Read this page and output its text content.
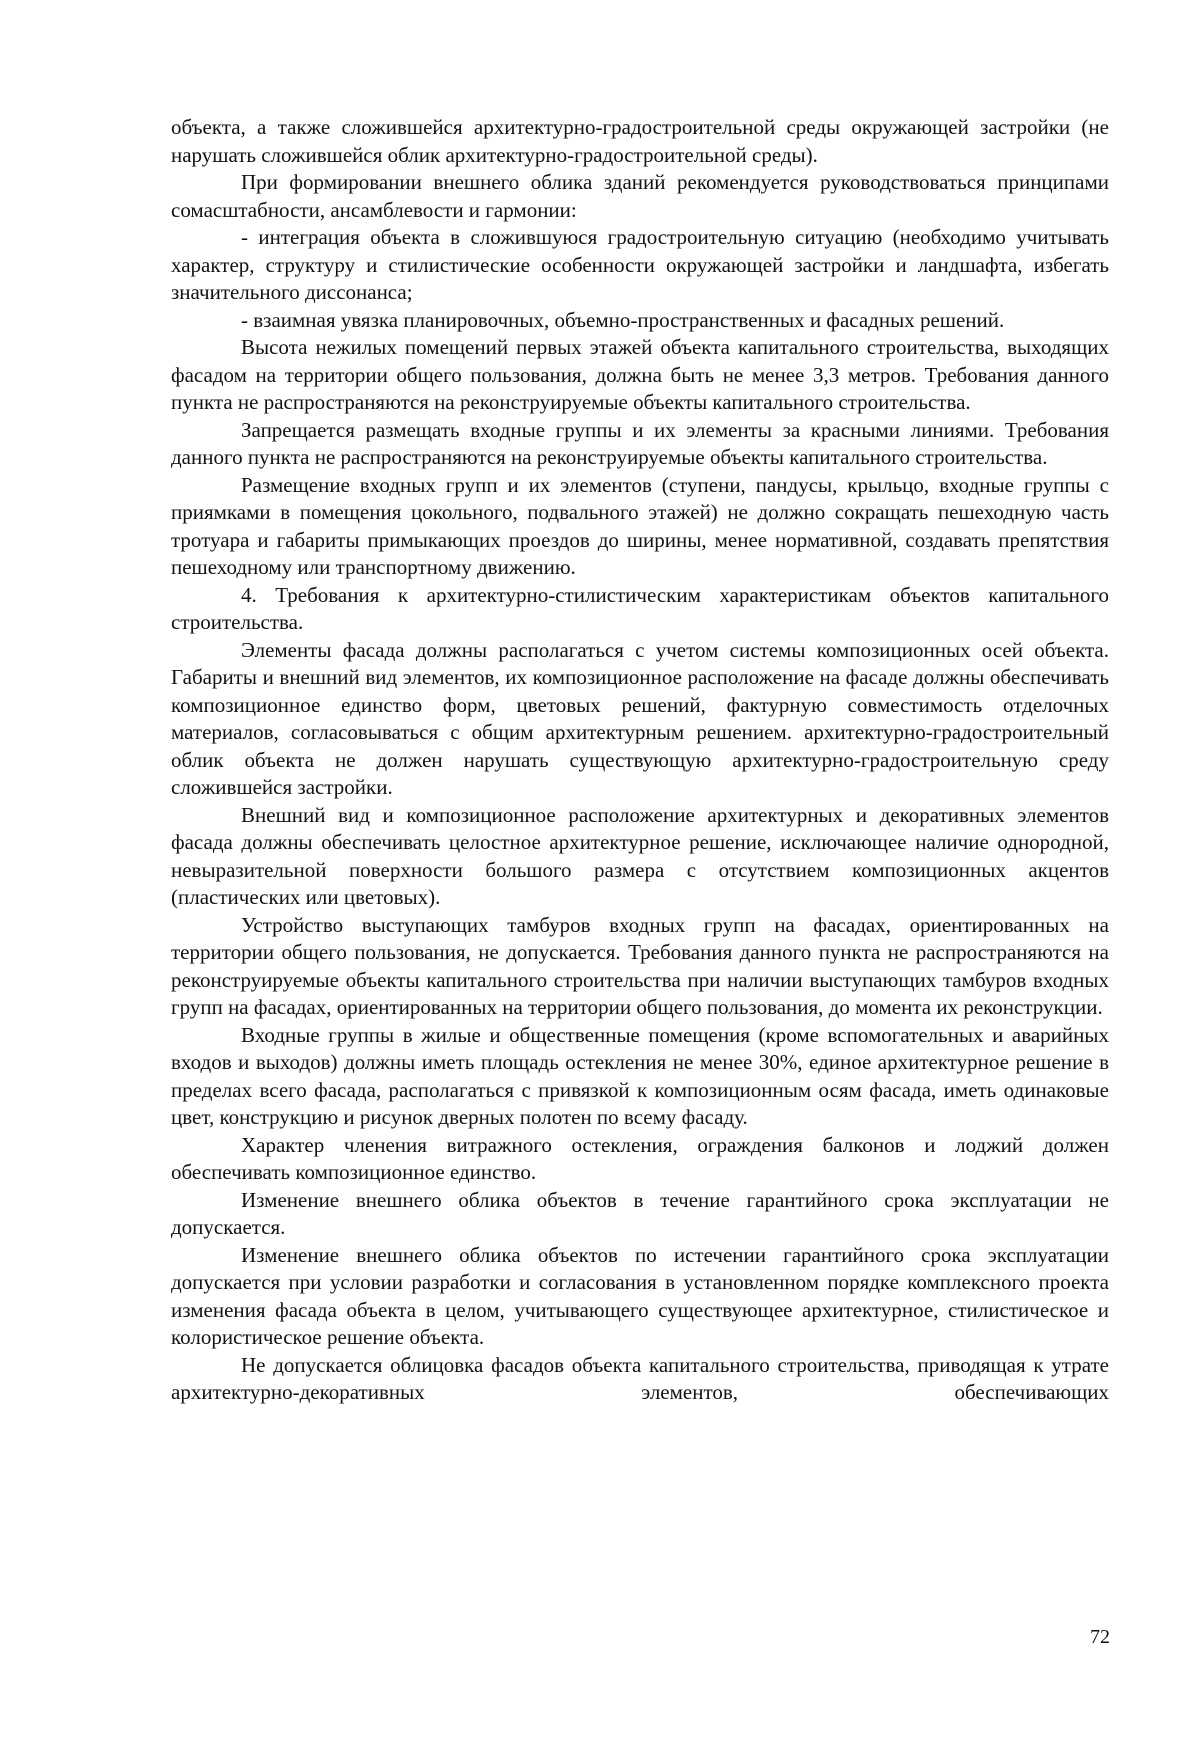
объекта, а также сложившейся архитектурно-градостроительной среды окружающей застройки (не нарушать сложившейся облик архитектурно-градостроительной среды).

При формировании внешнего облика зданий рекомендуется руководствоваться принципами сомасштабности, ансамблевости и гармонии:

- интеграция объекта в сложившуюся градостроительную ситуацию (необходимо учитывать характер, структуру и стилистические особенности окружающей застройки и ландшафта, избегать значительного диссонанса;

- взаимная увязка планировочных, объемно-пространственных и фасадных решений.

Высота нежилых помещений первых этажей объекта капитального строительства, выходящих фасадом на территории общего пользования, должна быть не менее 3,3 метров. Требования данного пункта не распространяются на реконструируемые объекты капитального строительства.

Запрещается размещать входные группы и их элементы за красными линиями. Требования данного пункта не распространяются на реконструируемые объекты капитального строительства.

Размещение входных групп и их элементов (ступени, пандусы, крыльцо, входные группы с приямками в помещения цокольного, подвального этажей) не должно сокращать пешеходную часть тротуара и габариты примыкающих проездов до ширины, менее нормативной, создавать препятствия пешеходному или транспортному движению.

4. Требования к архитектурно-стилистическим характеристикам объектов капитального строительства.

Элементы фасада должны располагаться с учетом системы композиционных осей объекта. Габариты и внешний вид элементов, их композиционное расположение на фасаде должны обеспечивать композиционное единство форм, цветовых решений, фактурную совместимость отделочных материалов, согласовываться с общим архитектурным решением. архитектурно-градостроительный облик объекта не должен нарушать существующую архитектурно-градостроительную среду сложившейся застройки.

Внешний вид и композиционное расположение архитектурных и декоративных элементов фасада должны обеспечивать целостное архитектурное решение, исключающее наличие однородной, невыразительной поверхности большого размера с отсутствием композиционных акцентов (пластических или цветовых).

Устройство выступающих тамбуров входных групп на фасадах, ориентированных на территории общего пользования, не допускается. Требования данного пункта не распространяются на реконструируемые объекты капитального строительства при наличии выступающих тамбуров входных групп на фасадах, ориентированных на территории общего пользования, до момента их реконструкции.

Входные группы в жилые и общественные помещения (кроме вспомогательных и аварийных входов и выходов) должны иметь площадь остекления не менее 30%, единое архитектурное решение в пределах всего фасада, располагаться с привязкой к композиционным осям фасада, иметь одинаковые цвет, конструкцию и рисунок дверных полотен по всему фасаду.

Характер членения витражного остекления, ограждения балконов и лоджий должен обеспечивать композиционное единство.

Изменение внешнего облика объектов в течение гарантийного срока эксплуатации не допускается.

Изменение внешнего облика объектов по истечении гарантийного срока эксплуатации допускается при условии разработки и согласования в установленном порядке комплексного проекта изменения фасада объекта в целом, учитывающего существующее архитектурное, стилистическое и колористическое решение объекта.

Не допускается облицовка фасадов объекта капитального строительства, приводящая к утрате архитектурно-декоративных элементов, обеспечивающих

72
